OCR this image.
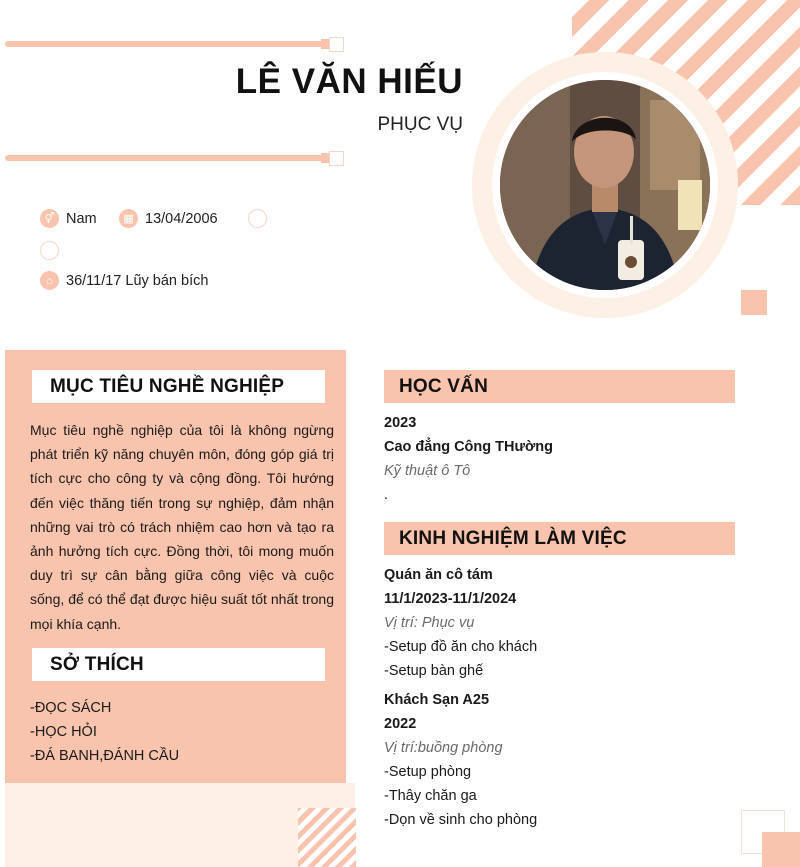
LÊ VĂN HIẾU
PHỤC VỤ
⚥ Nam	▦ 13/04/2006
⌂ 36/11/17 Lũy bán bích
MỤC TIÊU NGHỀ NGHIỆP
Mục tiêu nghề nghiệp của tôi là không ngừng phát triển kỹ năng chuyên môn, đóng góp giá trị tích cực cho công ty và cộng đồng. Tôi hướng đến việc thăng tiến trong sự nghiệp, đảm nhận những vai trò có trách nhiệm cao hơn và tạo ra ảnh hưởng tích cực. Đồng thời, tôi mong muốn duy trì sự cân bằng giữa công việc và cuộc sống, để có thể đạt được hiệu suất tốt nhất trong mọi khía cạnh.
SỞ THÍCH
-ĐỌC SÁCH
-HỌC HỎI
-ĐÁ BANH,ĐÁNH CẦU
HỌC VẤN
2023
Cao đẳng Công THường
Kỹ thuật ô Tô
.
KINH NGHIỆM LÀM VIỆC
Quán ăn cô tám
11/1/2023-11/1/2024
Vị trí: Phục vụ
-Setup đồ ăn cho khách
-Setup bàn ghế
Khách Sạn A25
2022
Vị trí:buồng phòng
-Setup phòng
-Thây chăn ga
-Dọn về sinh cho phòng
